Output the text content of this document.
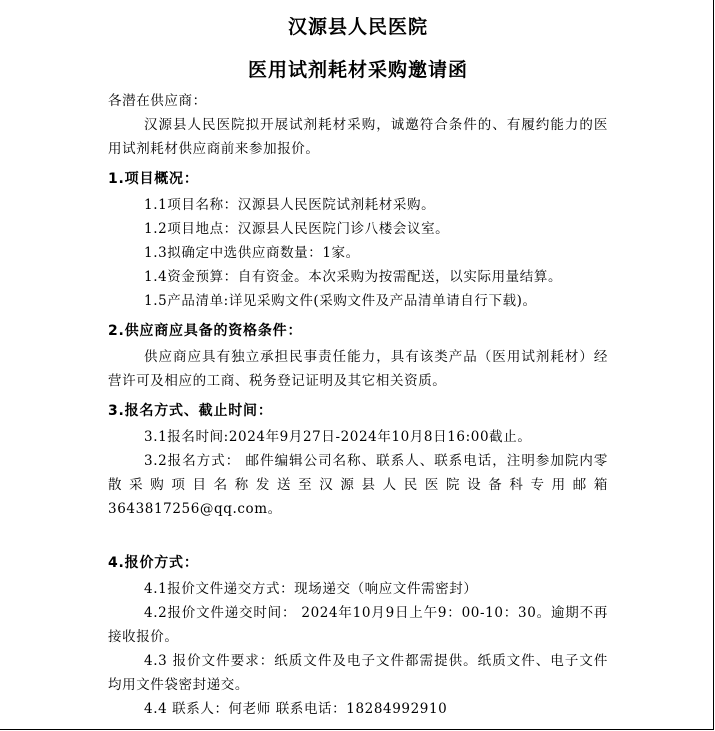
汉源县人民医院

医用试剂耗材采购邀请函

各潜在供应商：

汉源县人民医院拟开展试剂耗材采购，诚邀符合条件的、有履约能力的医用试剂耗材供应商前来参加报价。

1.项目概况：

1.1项目名称：汉源县人民医院试剂耗材采购。

1.2项目地点：汉源县人民医院门诊八楼会议室。

1.3拟确定中选供应商数量：1家。

1.4资金预算：自有资金。本次采购为按需配送，以实际用量结算。

1.5产品清单:详见采购文件(采购文件及产品清单请自行下载)。

2.供应商应具备的资格条件：

供应商应具有独立承担民事责任能力，具有该类产品（医用试剂耗材）经营许可及相应的工商、税务登记证明及其它相关资质。

3.报名方式、截止时间：

3.1报名时间:2024年9月27日-2024年10月8日16:00截止。

3.2报名方式： 邮件编辑公司名称、联系人、联系电话，注明参加院内零散采购项目名称发送至汉源县人民医院设备科专用邮箱3643817256@qq.com。

4.报价方式：

4.1报价文件递交方式：现场递交（响应文件需密封）

4.2报价文件递交时间： 2024年10月9日上午9：00-10：30。逾期不再接收报价。

4.3 报价文件要求：纸质文件及电子文件都需提供。纸质文件、电子文件均用文件袋密封递交。

4.4 联系人：何老师 联系电话：18284992910
